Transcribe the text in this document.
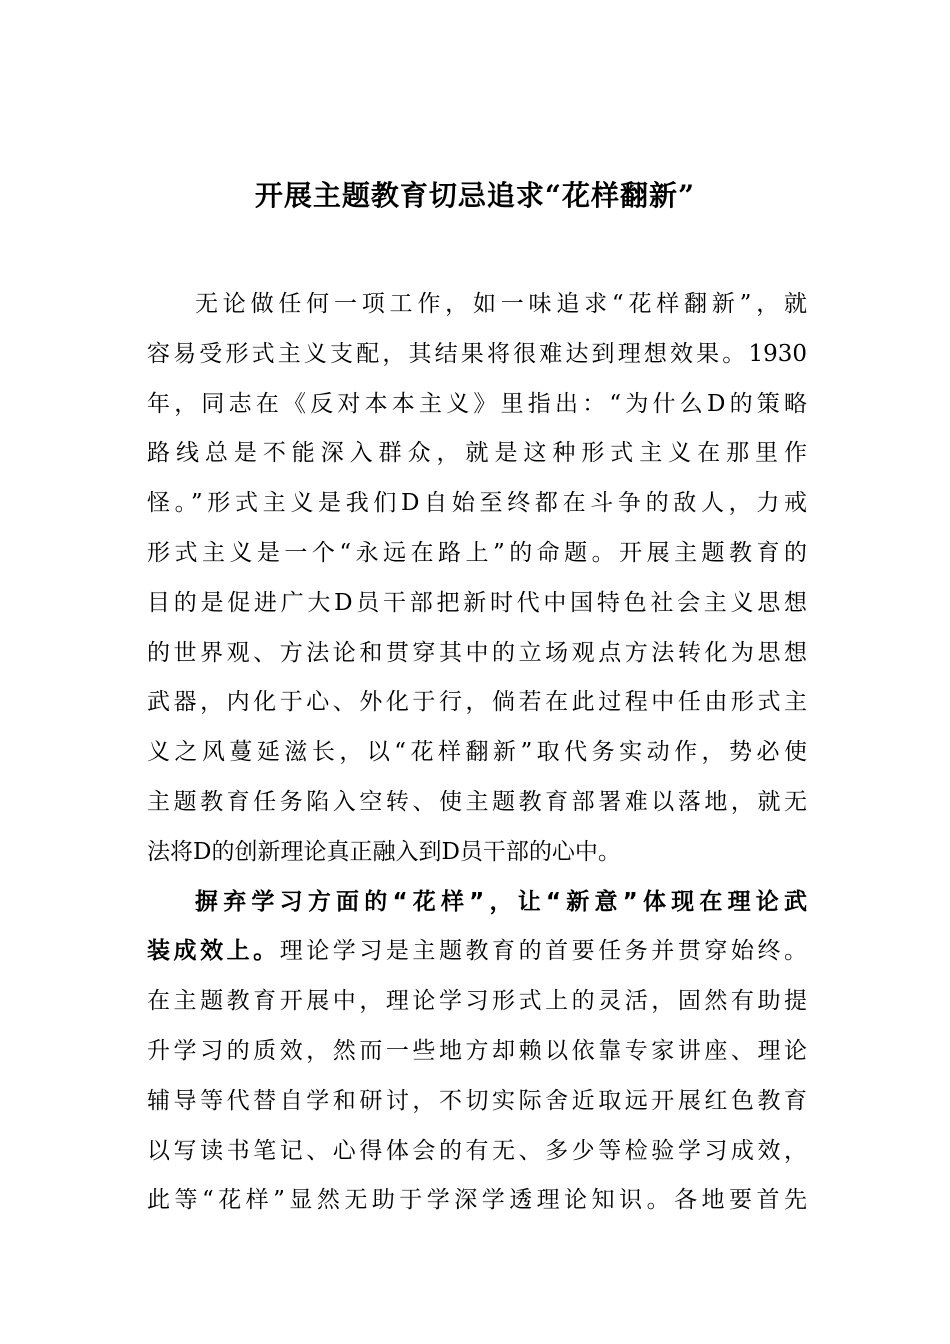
开展主题教育切忌追求“花样翻新”
无论做任何一项工作，如一味追求“花样翻新”，就
容易受形式主义支配，其结果将很难达到理想效果。1930
年，同志在《反对本本主义》里指出：“为什么D的策略
路线总是不能深入群众，就是这种形式主义在那里作
怪。”形式主义是我们D自始至终都在斗争的敌人，力戒
形式主义是一个“永远在路上”的命题。开展主题教育的
目的是促进广大D员干部把新时代中国特色社会主义思想
的世界观、方法论和贯穿其中的立场观点方法转化为思想
武器，内化于心、外化于行，倘若在此过程中任由形式主
义之风蔓延滋长，以“花样翻新”取代务实动作，势必使
主题教育任务陷入空转、使主题教育部署难以落地，就无
法将D的创新理论真正融入到D员干部的心中。
摒弃学习方面的“花样”，让“新意”体现在理论武
装成效上。理论学习是主题教育的首要任务并贯穿始终。
在主题教育开展中，理论学习形式上的灵活，固然有助提
升学习的质效，然而一些地方却赖以依靠专家讲座、理论
辅导等代替自学和研讨，不切实际舍近取远开展红色教育
以写读书笔记、心得体会的有无、多少等检验学习成效，
此等“花样”显然无助于学深学透理论知识。各地要首先
